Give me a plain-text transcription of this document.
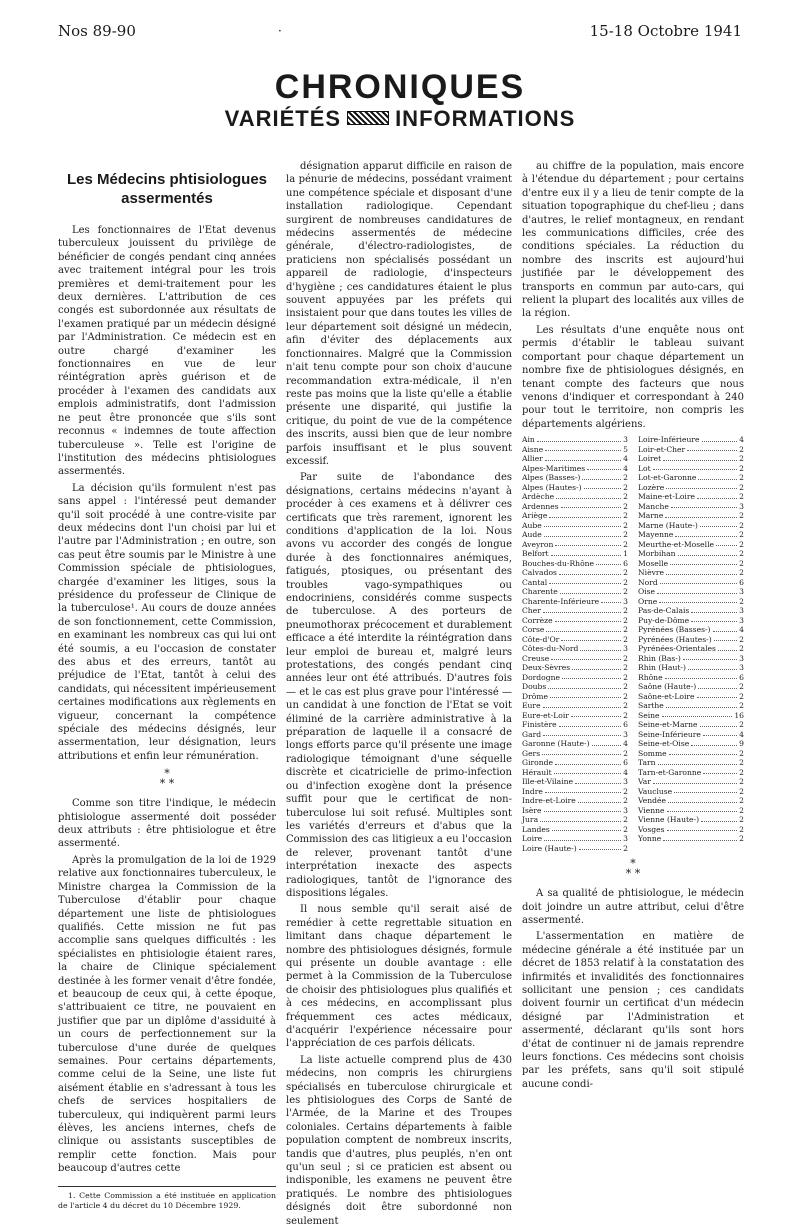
Nos 89-90	·	15-18 Octobre 1941
CHRONIQUES
VARIÉTÉS INFORMATIONS
Les Médecins phtisiologues assermentés

Les fonctionnaires de l'Etat devenus tuberculeux jouissent du privilège de bénéficier de congés pendant cinq années avec traitement intégral pour les trois premières et demi-traitement pour les deux dernières. L'attribution de ces congés est subordonnée aux résultats de l'examen pratiqué par un médecin désigné par l'Administration. Ce médecin est en outre chargé d'examiner les fonctionnaires en vue de leur réintégration après guérison et de procéder à l'examen des candidats aux emplois administratifs, dont l'admission ne peut être prononcée que s'ils sont reconnus « indemnes de toute affection tuberculeuse ». Telle est l'origine de l'institution des médecins phtisiologues assermentés.

La décision qu'ils formulent n'est pas sans appel : l'intéressé peut demander qu'il soit procédé à une contre-visite par deux médecins dont l'un choisi par lui et l'autre par l'Administration ; en outre, son cas peut être soumis par le Ministre à une Commission spéciale de phtisiologues, chargée d'examiner les litiges, sous la présidence du professeur de Clinique de la tuberculose¹. Au cours de douze années de son fonctionnement, cette Commission, en examinant les nombreux cas qui lui ont été soumis, a eu l'occasion de constater des abus et des erreurs, tantôt au préjudice de l'Etat, tantôt à celui des candidats, qui nécessitent impérieusement certaines modifications aux règlements en vigueur, concernant la compétence spéciale des médecins désignés, leur assermentation, leur désignation, leurs attributions et enfin leur rémunération.

*
* *

Comme son titre l'indique, le médecin phtisiologue assermenté doit posséder deux attributs : être phtisiologue et être assermenté.

Après la promulgation de la loi de 1929 relative aux fonctionnaires tuberculeux, le Ministre chargea la Commission de la Tuberculose d'établir pour chaque département une liste de phtisiologues qualifiés. Cette mission ne fut pas accomplie sans quelques difficultés : les spécialistes en phtisiologie étaient rares, la chaire de Clinique spécialement destinée à les former venait d'être fondée, et beaucoup de ceux qui, à cette époque, s'attribuaient ce titre, ne pouvaient en justifier que par un diplôme d'assiduité à un cours de perfectionnement sur la tuberculose d'une durée de quelques semaines. Pour certains départements, comme celui de la Seine, une liste fut aisément établie en s'adressant à tous les chefs de services hospitaliers de tuberculeux, qui indiquèrent parmi leurs élèves, les anciens internes, chefs de clinique ou assistants susceptibles de remplir cette fonction. Mais pour beaucoup d'autres cette

1. Cette Commission a été instituée en application de l'article 4 du décret du 10 Décembre 1929.

désignation apparut difficile en raison de la pénurie de médecins, possédant vraiment une compétence spéciale et disposant d'une installation radiologique. Cependant surgirent de nombreuses candidatures de médecins assermentés de médecine générale, d'électro-radiologistes, de praticiens non spécialisés possédant un appareil de radiologie, d'inspecteurs d'hygiène ; ces candidatures étaient le plus souvent appuyées par les préfets qui insistaient pour que dans toutes les villes de leur département soit désigné un médecin, afin d'éviter des déplacements aux fonctionnaires. Malgré que la Commission n'ait tenu compte pour son choix d'aucune recommandation extra-médicale, il n'en reste pas moins que la liste qu'elle a établie présente une disparité, qui justifie la critique, du point de vue de la compétence des inscrits, aussi bien que de leur nombre parfois insuffisant et le plus souvent excessif.

Par suite de l'abondance des désignations, certains médecins n'ayant à procéder à ces examens et à délivrer ces certificats que très rarement, ignorent les conditions d'application de la loi. Nous avons vu accorder des congés de longue durée à des fonctionnaires anémiques, fatigués, ptosiques, ou présentant des troubles vago-sympathiques ou endocriniens, considérés comme suspects de tuberculose. A des porteurs de pneumothorax précocement et durablement efficace a été interdite la réintégration dans leur emploi de bureau et, malgré leurs protestations, des congés pendant cinq années leur ont été attribués. D'autres fois — et le cas est plus grave pour l'intéressé — un candidat à une fonction de l'Etat se voit éliminé de la carrière administrative à la préparation de laquelle il a consacré de longs efforts parce qu'il présente une image radiologique témoignant d'une séquelle discrète et cicatricielle de primo-infection ou d'infection exogène dont la présence suffit pour que le certificat de non-tuberculose lui soit refusé. Multiples sont les variétés d'erreurs et d'abus que la Commission des cas litigieux a eu l'occasion de relever, provenant tantôt d'une interprétation inexacte des aspects radiologiques, tantôt de l'ignorance des dispositions légales.

Il nous semble qu'il serait aisé de remédier à cette regrettable situation en limitant dans chaque département le nombre des phtisiologues désignés, formule qui présente un double avantage : elle permet à la Commission de la Tuberculose de choisir des phtisiologues plus qualifiés et à ces médecins, en accomplissant plus fréquemment ces actes médicaux, d'acquérir l'expérience nécessaire pour l'appréciation de ces parfois délicats.

La liste actuelle comprend plus de 430 médecins, non compris les chirurgiens spécialisés en tuberculose chirurgicale et les phtisiologues des Corps de Santé de l'Armée, de la Marine et des Troupes coloniales. Certains départements à faible population comptent de nombreux inscrits, tandis que d'autres, plus peuplés, n'en ont qu'un seul ; si ce praticien est absent ou indisponible, les examens ne peuvent être pratiqués. Le nombre des phtisiologues désignés doit être subordonné non seulement

au chiffre de la population, mais encore à l'étendue du département ; pour certains d'entre eux il y a lieu de tenir compte de la situation topographique du chef-lieu ; dans d'autres, le relief montagneux, en rendant les communications difficiles, crée des conditions spéciales. La réduction du nombre des inscrits est aujourd'hui justifiée par le développement des transports en commun par auto-cars, qui relient la plupart des localités aux villes de la région.

Les résultats d'une enquête nous ont permis d'établir le tableau suivant comportant pour chaque département un nombre fixe de phtisiologues désignés, en tenant compte des facteurs que nous venons d'indiquer et correspondant à 240 pour tout le territoire, non compris les départements algériens.

Ain	3
Aisne	5
Allier	4
Alpes-Maritimes	4
Alpes (Basses-)	2
Alpes (Hautes-)	2
Ardèche	2
Ardennes	2
Ariège	2
Aube	2
Aude	2
Aveyron	2
Belfort	1
Bouches-du-Rhône	6
Calvados	2
Cantal	2
Charente	2
Charente-Inférieure	3
Cher	2
Corrèze	2
Corse	2
Côte-d'Or	2
Côtes-du-Nord	3
Creuse	2
Deux-Sèvres	2
Dordogne	2
Doubs	2
Drôme	2
Eure	2
Eure-et-Loir	2
Finistère	6
Gard	3
Garonne (Haute-)	4
Gers	2
Gironde	6
Hérault	4
Ille-et-Vilaine	3
Indre	2
Indre-et-Loire	2
Isère	3
Jura	2
Landes	2
Loire	3
Loire (Haute-)	2
Loire-Inférieure	4
Loir-et-Cher	2
Loiret	2
Lot	2
Lot-et-Garonne	2
Lozère	2
Maine-et-Loire	2
Manche	3
Marne	2
Marne (Haute-)	2
Mayenne	2
Meurthe-et-Moselle	2
Morbihan	2
Moselle	2
Nièvre	2
Nord	6
Oise	3
Orne	2
Pas-de-Calais	3
Puy-de-Dôme	3
Pyrénées (Basses-)	4
Pyrénées (Hautes-)	2
Pyrénées-Orientales	2
Rhin (Bas-)	3
Rhin (Haut-)	3
Rhône	6
Saône (Haute-)	2
Saône-et-Loire	2
Sarthe	2
Seine	16
Seine-et-Marne	2
Seine-Inférieure	4
Seine-et-Oise	9
Somme	2
Tarn	2
Tarn-et-Garonne	2
Var	2
Vaucluse	2
Vendée	2
Vienne	2
Vienne (Haute-)	2
Vosges	2
Yonne	2
*
* *

A sa qualité de phtisiologue, le médecin doit joindre un autre attribut, celui d'être assermenté.

L'assermentation en matière de médecine générale a été instituée par un décret de 1853 relatif à la constatation des infirmités et invalidités des fonctionnaires sollicitant une pension ; ces candidats doivent fournir un certificat d'un médecin désigné par l'Administration et assermenté, déclarant qu'ils sont hors d'état de continuer ni de jamais reprendre leurs fonctions. Ces médecins sont choisis par les préfets, sans qu'il soit stipulé aucune condi-
